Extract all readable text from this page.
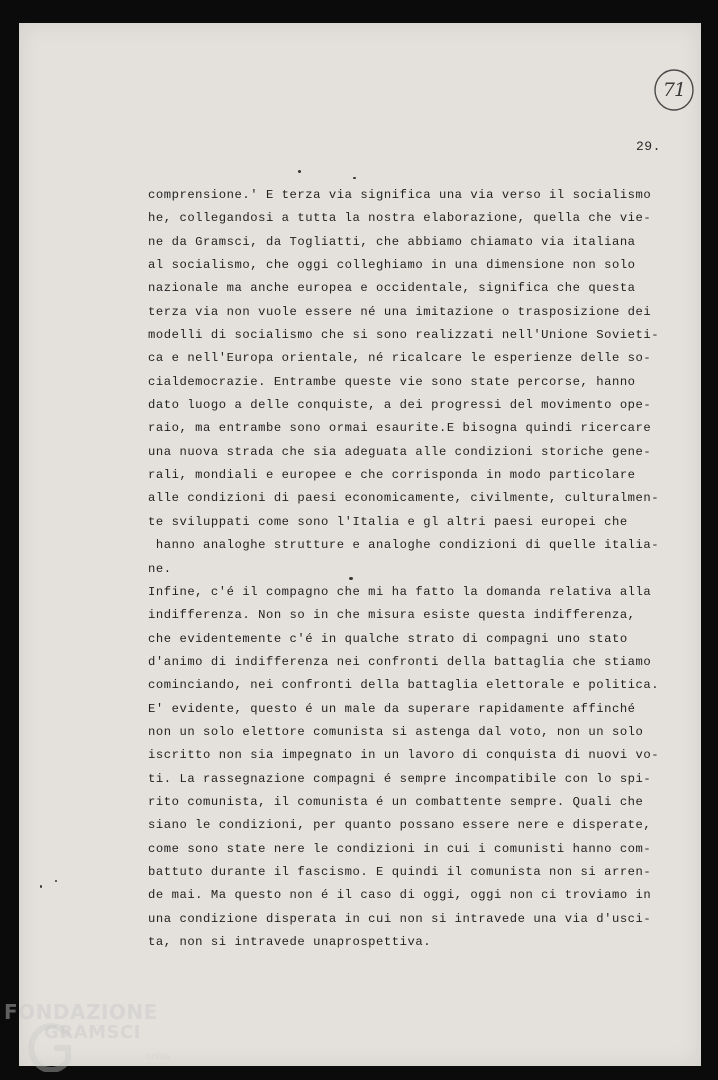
71
29.
comprensione.' E terza via significa una via verso il socialismo
he, collegandosi a tutta la nostra elaborazione, quella che vie-
ne da Gramsci, da Togliatti, che abbiamo chiamato via italiana
al socialismo, che oggi colleghiamo in una dimensione non solo
nazionale ma anche europea e occidentale, significa che questa
terza via non vuole essere né una imitazione o trasposizione dei
modelli di socialismo che si sono realizzati nell'Unione Sovieti-
ca e nell'Europa orientale, né ricalcare le esperienze delle so-
cialdemocrazie. Entrambe queste vie sono state percorse, hanno
dato luogo a delle conquiste, a dei progressi del movimento ope-
raio, ma entrambe sono ormai esaurite.E bisogna quindi ricercare
una nuova strada che sia adeguata alle condizioni storiche gene-
rali, mondiali e europee e che corrisponda in modo particolare
alle condizioni di paesi economicamente, civilmente, culturalmen-
te sviluppati come sono l'Italia e gl altri paesi europei che
hanno analoghe strutture e analoghe condizioni di quelle italia-
ne.
Infine, c'é il compagno che mi ha fatto la domanda relativa alla
indifferenza. Non so in che misura esiste questa indifferenza,
che evidentemente c'é in qualche strato di compagni uno stato
d'animo di indifferenza nei confronti della battaglia che stiamo
cominciando, nei confronti della battaglia elettorale e politica.
E' evidente, questo é un male da superare rapidamente affinché
non un solo elettore comunista si astenga dal voto, non un solo
iscritto non sia impegnato in un lavoro di conquista di nuovi vo-
ti. La rassegnazione compagni é sempre incompatibile con lo spi-
rito comunista, il comunista é un combattente sempre. Quali che
siano le condizioni, per quanto possano essere nere e disperate,
come sono state nere le condizioni in cui i comunisti hanno com-
battuto durante il fascismo. E quindi il comunista non si arren-
de mai. Ma questo non é il caso di oggi, oggi non ci troviamo in
una condizione disperata in cui non si intravede una via d'usci-
ta, non si intravede unaprospettiva.
FONDAZIONE
GRAMSCI
onlus
